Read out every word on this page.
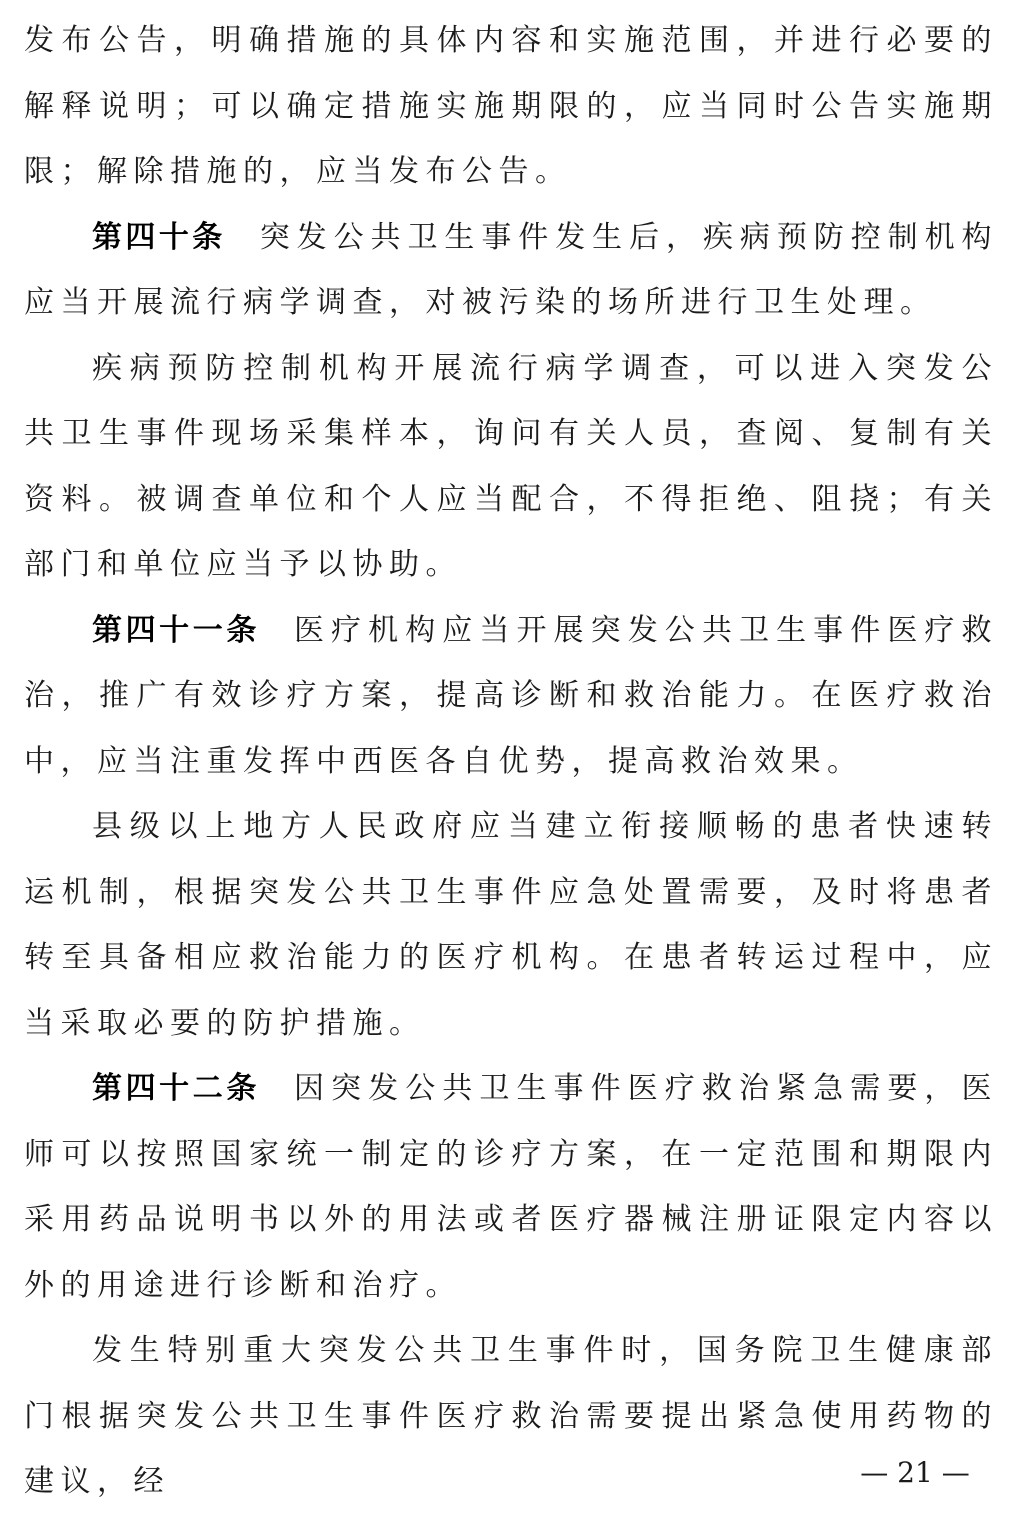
发布公告，明确措施的具体内容和实施范围，并进行必要的解释说明；可以确定措施实施期限的，应当同时公告实施期限；解除措施的，应当发布公告。

第四十条 突发公共卫生事件发生后，疾病预防控制机构应当开展流行病学调查，对被污染的场所进行卫生处理。

疾病预防控制机构开展流行病学调查，可以进入突发公共卫生事件现场采集样本，询问有关人员，查阅、复制有关资料。被调查单位和个人应当配合，不得拒绝、阻挠；有关部门和单位应当予以协助。

第四十一条 医疗机构应当开展突发公共卫生事件医疗救治，推广有效诊疗方案，提高诊断和救治能力。在医疗救治中，应当注重发挥中西医各自优势，提高救治效果。

县级以上地方人民政府应当建立衔接顺畅的患者快速转运机制，根据突发公共卫生事件应急处置需要，及时将患者转至具备相应救治能力的医疗机构。在患者转运过程中，应当采取必要的防护措施。

第四十二条 因突发公共卫生事件医疗救治紧急需要，医师可以按照国家统一制定的诊疗方案，在一定范围和期限内采用药品说明书以外的用法或者医疗器械注册证限定内容以外的用途进行诊断和治疗。

发生特别重大突发公共卫生事件时，国务院卫生健康部门根据突发公共卫生事件医疗救治需要提出紧急使用药物的建议，经	— 21 —
